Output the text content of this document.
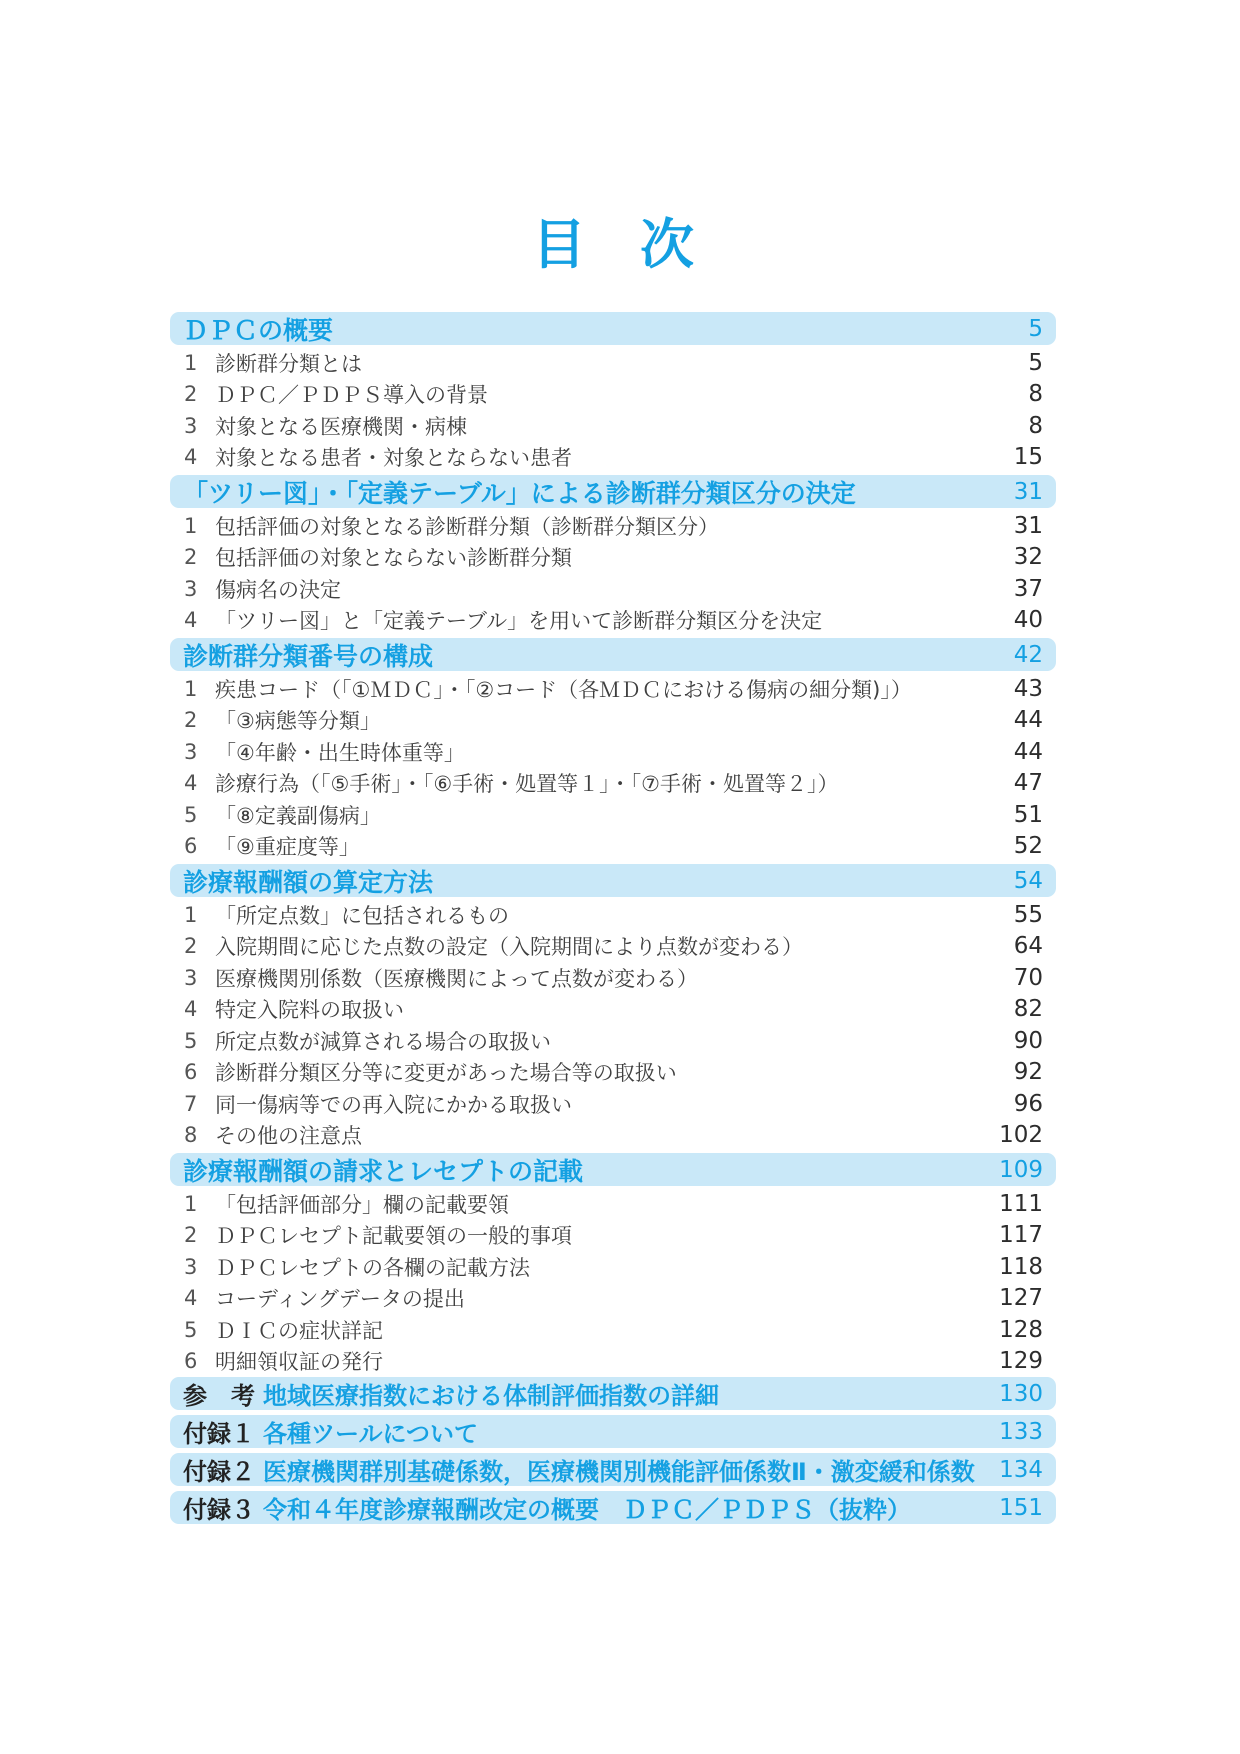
目　次
ＤＰＣの概要	5
1 診断群分類とは	5
2 ＤＰＣ／ＰＤＰＳ導入の背景	8
3 対象となる医療機関・病棟	8
4 対象となる患者・対象とならない患者	15
「ツリー図」・「定義テーブル」による診断群分類区分の決定	31
1 包括評価の対象となる診断群分類（診断群分類区分）	31
2 包括評価の対象とならない診断群分類	32
3 傷病名の決定	37
4 「ツリー図」と「定義テーブル」を用いて診断群分類区分を決定	40
診断群分類番号の構成	42
1 疾患コード（「①ＭＤＣ」・「②コード（各ＭＤＣにおける傷病の細分類)」）	43
2 「③病態等分類」	44
3 「④年齢・出生時体重等」	44
4 診療行為（「⑤手術」・「⑥手術・処置等１」・「⑦手術・処置等２」）	47
5 「⑧定義副傷病」	51
6 「⑨重症度等」	52
診療報酬額の算定方法	54
1 「所定点数」に包括されるもの	55
2 入院期間に応じた点数の設定（入院期間により点数が変わる）	64
3 医療機関別係数（医療機関によって点数が変わる）	70
4 特定入院料の取扱い	82
5 所定点数が減算される場合の取扱い	90
6 診断群分類区分等に変更があった場合等の取扱い	92
7 同一傷病等での再入院にかかる取扱い	96
8 その他の注意点	102
診療報酬額の請求とレセプトの記載	109
1 「包括評価部分」欄の記載要領	111
2 ＤＰＣレセプト記載要領の一般的事項	117
3 ＤＰＣレセプトの各欄の記載方法	118
4 コーディングデータの提出	127
5 ＤＩＣの症状詳記	128
6 明細領収証の発行	129
参　考 地域医療指数における体制評価指数の詳細	130
付録１ 各種ツールについて	133
付録２ 医療機関群別基礎係数，医療機関別機能評価係数Ⅱ・激変緩和係数	134
付録３ 令和４年度診療報酬改定の概要　ＤＰＣ／ＰＤＰＳ（抜粋）	151
